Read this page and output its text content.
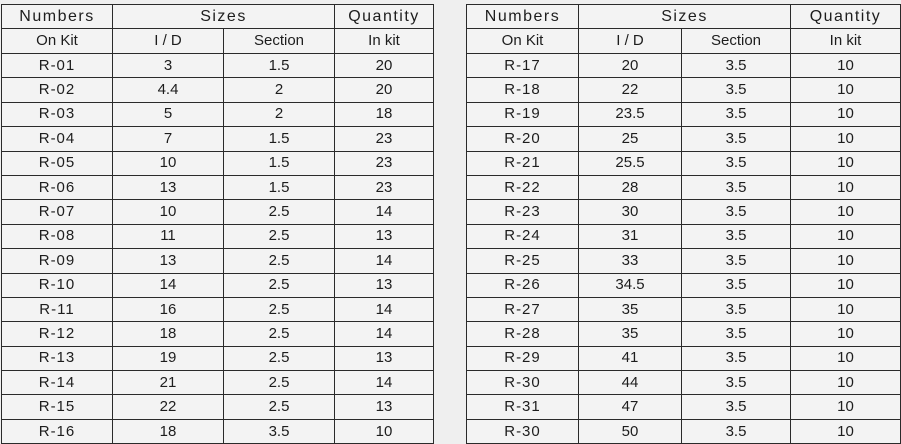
Numbers	Sizes		Quantity
On Kit	I / D	Section	In kit
R-01	3	1.5	20
R-02	4.4	2	20
R-03	5	2	18
R-04	7	1.5	23
R-05	10	1.5	23
R-06	13	1.5	23
R-07	10	2.5	14
R-08	11	2.5	13
R-09	13	2.5	14
R-10	14	2.5	13
R-11	16	2.5	14
R-12	18	2.5	14
R-13	19	2.5	13
R-14	21	2.5	14
R-15	22	2.5	13
R-16	18	3.5	10
Numbers	Sizes		Quantity
On Kit	I / D	Section	In kit
R-17	20	3.5	10
R-18	22	3.5	10
R-19	23.5	3.5	10
R-20	25	3.5	10
R-21	25.5	3.5	10
R-22	28	3.5	10
R-23	30	3.5	10
R-24	31	3.5	10
R-25	33	3.5	10
R-26	34.5	3.5	10
R-27	35	3.5	10
R-28	35	3.5	10
R-29	41	3.5	10
R-30	44	3.5	10
R-31	47	3.5	10
R-30	50	3.5	10
